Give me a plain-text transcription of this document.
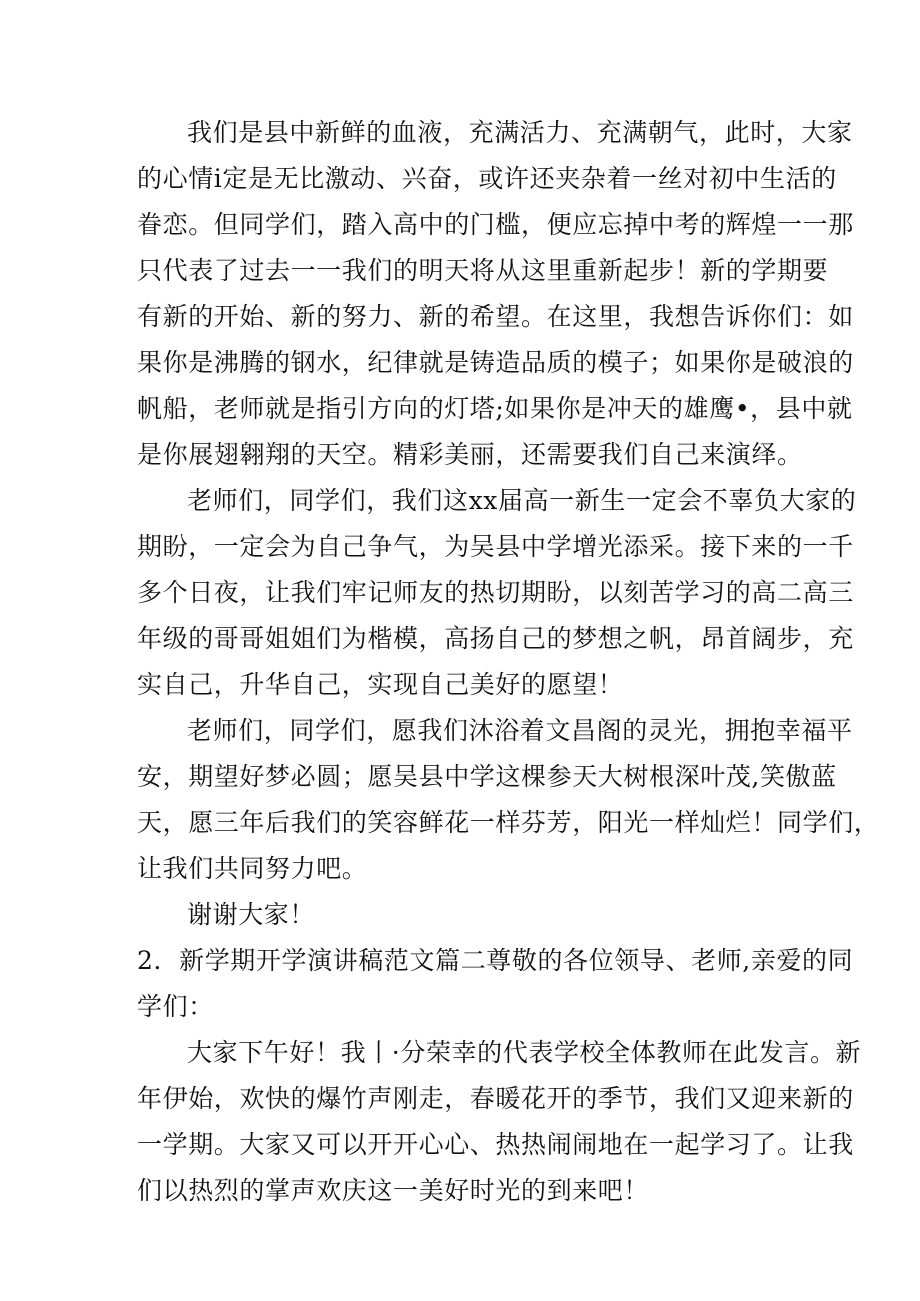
我们是县中新鲜的血液，充满活力、充满朝气，此时，大家
的心情i定是无比激动、兴奋，或许还夹杂着一丝对初中生活的
眷恋。但同学们，踏入高中的门槛，便应忘掉中考的辉煌一一那
只代表了过去一一我们的明天将从这里重新起步！新的学期要
有新的开始、新的努力、新的希望。在这里，我想告诉你们：如
果你是沸腾的钢水，纪律就是铸造品质的模子；如果你是破浪的
帆船，老师就是指引方向的灯塔;如果你是冲天的雄鹰•，县中就
是你展翅翱翔的天空。精彩美丽，还需要我们自己来演绎。
老师们，同学们，我们这xx届高一新生一定会不辜负大家的
期盼，一定会为自己争气，为吴县中学增光添采。接下来的一千
多个日夜，让我们牢记师友的热切期盼，以刻苦学习的高二高三
年级的哥哥姐姐们为楷模，高扬自己的梦想之帆，昂首阔步，充
实自己，升华自己，实现自己美好的愿望！
老师们，同学们，愿我们沐浴着文昌阁的灵光，拥抱幸福平
安，期望好梦必圆；愿吴县中学这棵参天大树根深叶茂,笑傲蓝
天，愿三年后我们的笑容鲜花一样芬芳，阳光一样灿烂！同学们，
让我们共同努力吧。
谢谢大家！
2．新学期开学演讲稿范文篇二尊敬的各位领导、老师,亲爱的同
学们：
大家下午好！我丨·分荣幸的代表学校全体教师在此发言。新
年伊始，欢快的爆竹声刚走，春暖花开的季节，我们又迎来新的
一学期。大家又可以开开心心、热热闹闹地在一起学习了。让我
们以热烈的掌声欢庆这一美好时光的到来吧！
